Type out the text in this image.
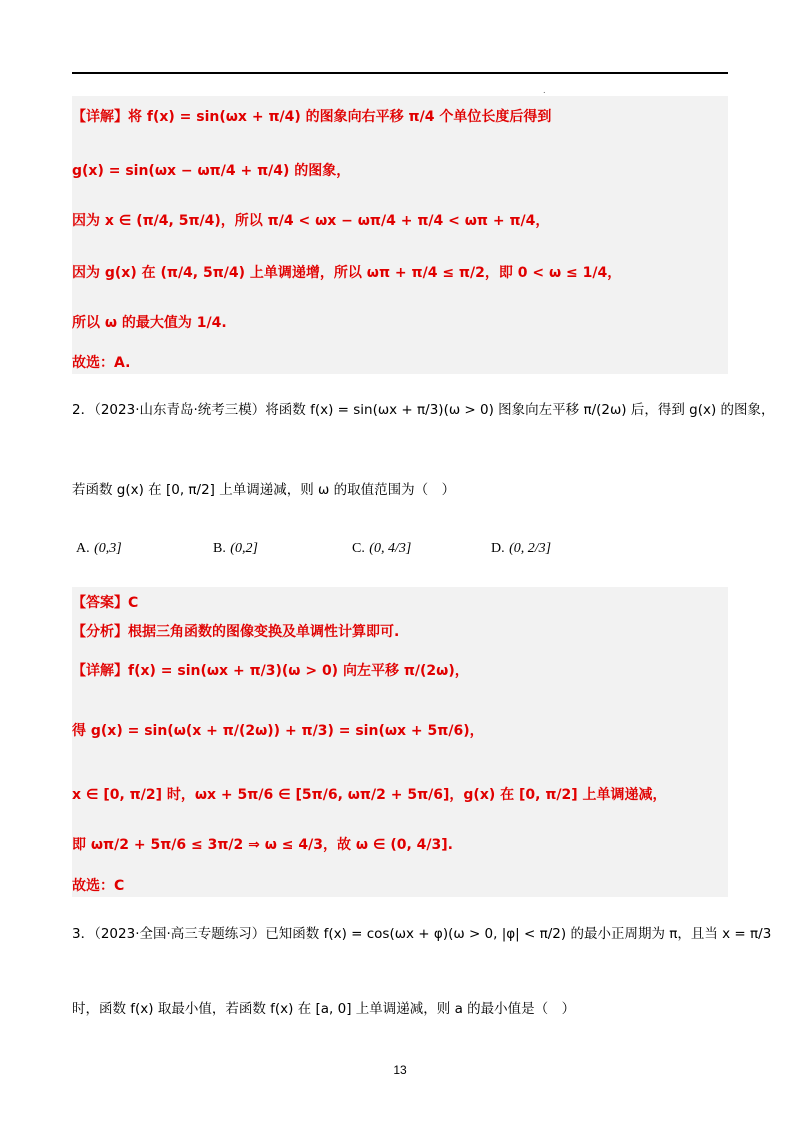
.
【详解】将 f(x) = sin(ωx + π/4) 的图象向右平移 π/4 个单位长度后得到
g(x) = sin(ωx − ωπ/4 + π/4) 的图象，
因为 x ∈ (π/4, 5π/4)，所以 π/4 < ωx − ωπ/4 + π/4 < ωπ + π/4，
因为 g(x) 在 (π/4, 5π/4) 上单调递增，所以 ωπ + π/4 ≤ π/2，即 0 < ω ≤ 1/4，
所以 ω 的最大值为 1/4.
故选：A.
2．（2023·山东青岛·统考三模）将函数 f(x) = sin(ωx + π/3)(ω > 0) 图象向左平移 π/(2ω) 后，得到 g(x) 的图象，
若函数 g(x) 在 [0, π/2] 上单调递减，则 ω 的取值范围为（　）
A. (0,3]	B. (0,2]	C. (0, 4/3]	D. (0, 2/3]
【答案】C
【分析】根据三角函数的图像变换及单调性计算即可.
【详解】f(x) = sin(ωx + π/3)(ω > 0) 向左平移 π/(2ω)，
得 g(x) = sin(ω(x + π/(2ω)) + π/3) = sin(ωx + 5π/6)，
x ∈ [0, π/2] 时，ωx + 5π/6 ∈ [5π/6, ωπ/2 + 5π/6]，g(x) 在 [0, π/2] 上单调递减，
即 ωπ/2 + 5π/6 ≤ 3π/2 ⇒ ω ≤ 4/3，故 ω ∈ (0, 4/3].
故选：C
3．（2023·全国·高三专题练习）已知函数 f(x) = cos(ωx + φ)(ω > 0, |φ| < π/2) 的最小正周期为 π，且当 x = π/3
时，函数 f(x) 取最小值，若函数 f(x) 在 [a, 0] 上单调递减，则 a 的最小值是（　）
13
